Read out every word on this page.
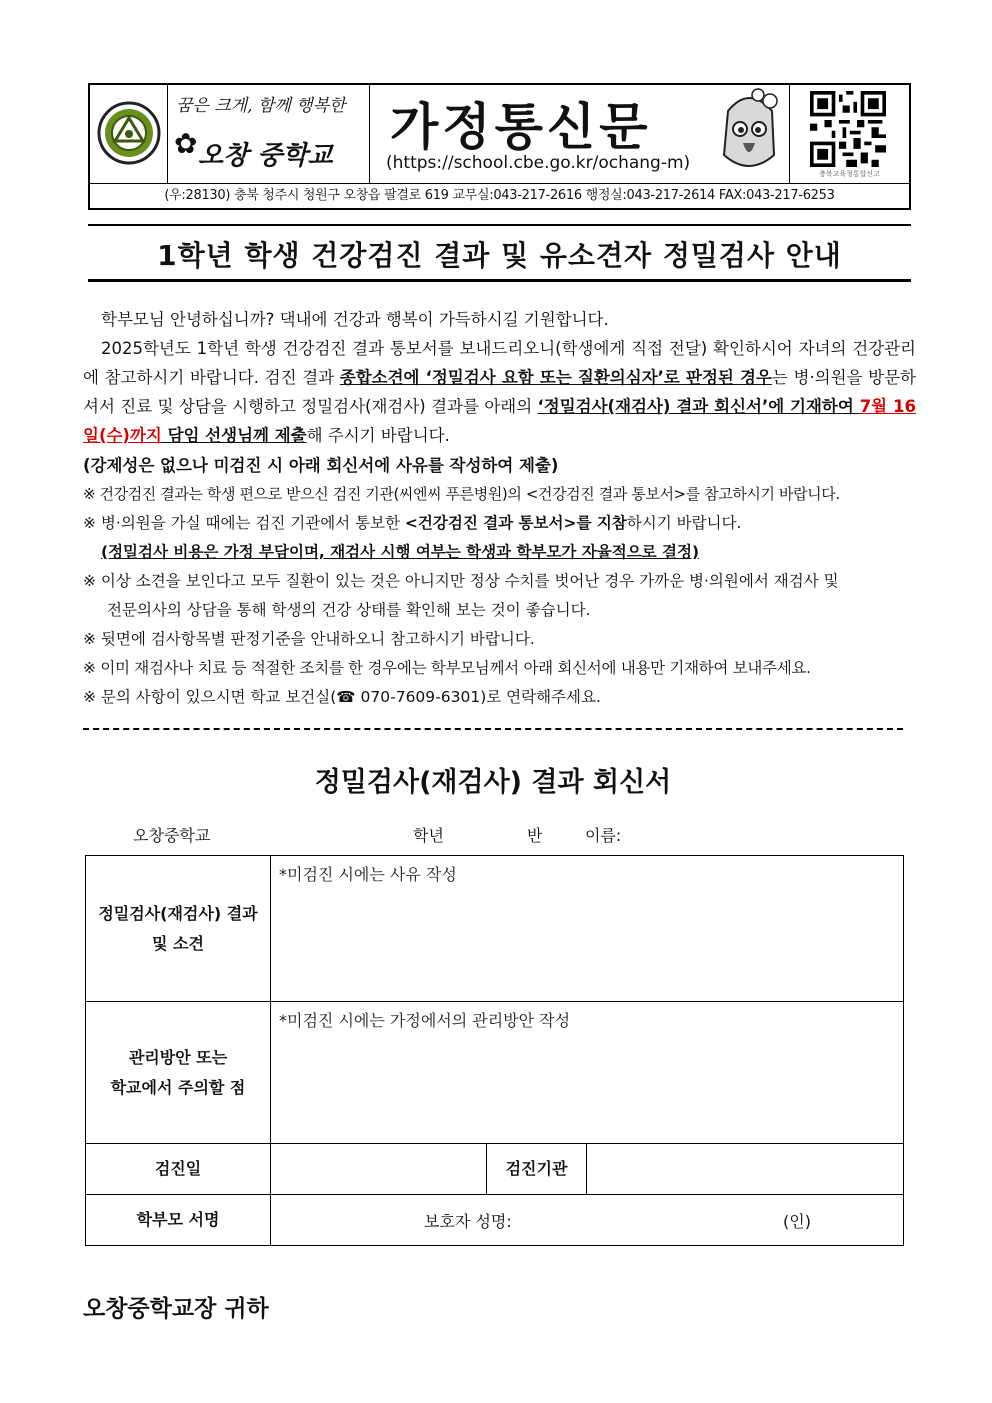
꿈은 크게, 함께 행복한
오창 중학교
✿	가정통신문
(https://school.cbe.go.kr/ochang-m)
충북교육청통합신고
(우:28130) 충북 청주시 청원구 오창읍 팔결로 619 교무실:043-217-2616 행정실:043-217-2614 FAX:043-217-6253
1학년 학생 건강검진 결과 및 유소견자 정밀검사 안내
학부모님 안녕하십니까? 댁내에 건강과 행복이 가득하시길 기원합니다.
2025학년도 1학년 학생 건강검진 결과 통보서를 보내드리오니(학생에게 직접 전달) 확인하시어 자녀의 건강관리에 참고하시기 바랍니다. 검진 결과 종합소견에 ‘정밀검사 요함 또는 질환의심자’로 판정된 경우는 병·의원을 방문하셔서 진료 및 상담을 시행하고 정밀검사(재검사) 결과를 아래의 ‘정밀검사(재검사) 결과 회신서’에 기재하여 7월 16일(수)까지 담임 선생님께 제출해 주시기 바랍니다.
(강제성은 없으나 미검진 시 아래 회신서에 사유를 작성하여 제출)
※ 건강검진 결과는 학생 편으로 받으신 검진 기관(씨엔씨 푸른병원)의 <건강검진 결과 통보서>를 참고하시기 바랍니다.
※ 병·의원을 가실 때에는 검진 기관에서 통보한 <건강검진 결과 통보서>를 지참하시기 바랍니다.
(정밀검사 비용은 가정 부담이며, 재검사 시행 여부는 학생과 학부모가 자율적으로 결정)
※ 이상 소견을 보인다고 모두 질환이 있는 것은 아니지만 정상 수치를 벗어난 경우 가까운 병·의원에서 재검사 및
전문의사의 상담을 통해 학생의 건강 상태를 확인해 보는 것이 좋습니다.
※ 뒷면에 검사항목별 판정기준을 안내하오니 참고하시기 바랍니다.
※ 이미 재검사나 치료 등 적절한 조치를 한 경우에는 학부모님께서 아래 회신서에 내용만 기재하여 보내주세요.
※ 문의 사항이 있으시면 학교 보건실(☎ 070-7609-6301)로 연락해주세요.
정밀검사(재검사) 결과 회신서
오창중학교	학년	반	이름:
정밀검사(재검사) 결과
및 소견	*미검진 시에는 사유 작성		

관리방안 또는
학교에서 주의할 점	*미검진 시에는 가정에서의 관리방안 작성		
검진일		검진기관	
학부모 서명	보호자 성명: (인)		
오창중학교장 귀하
